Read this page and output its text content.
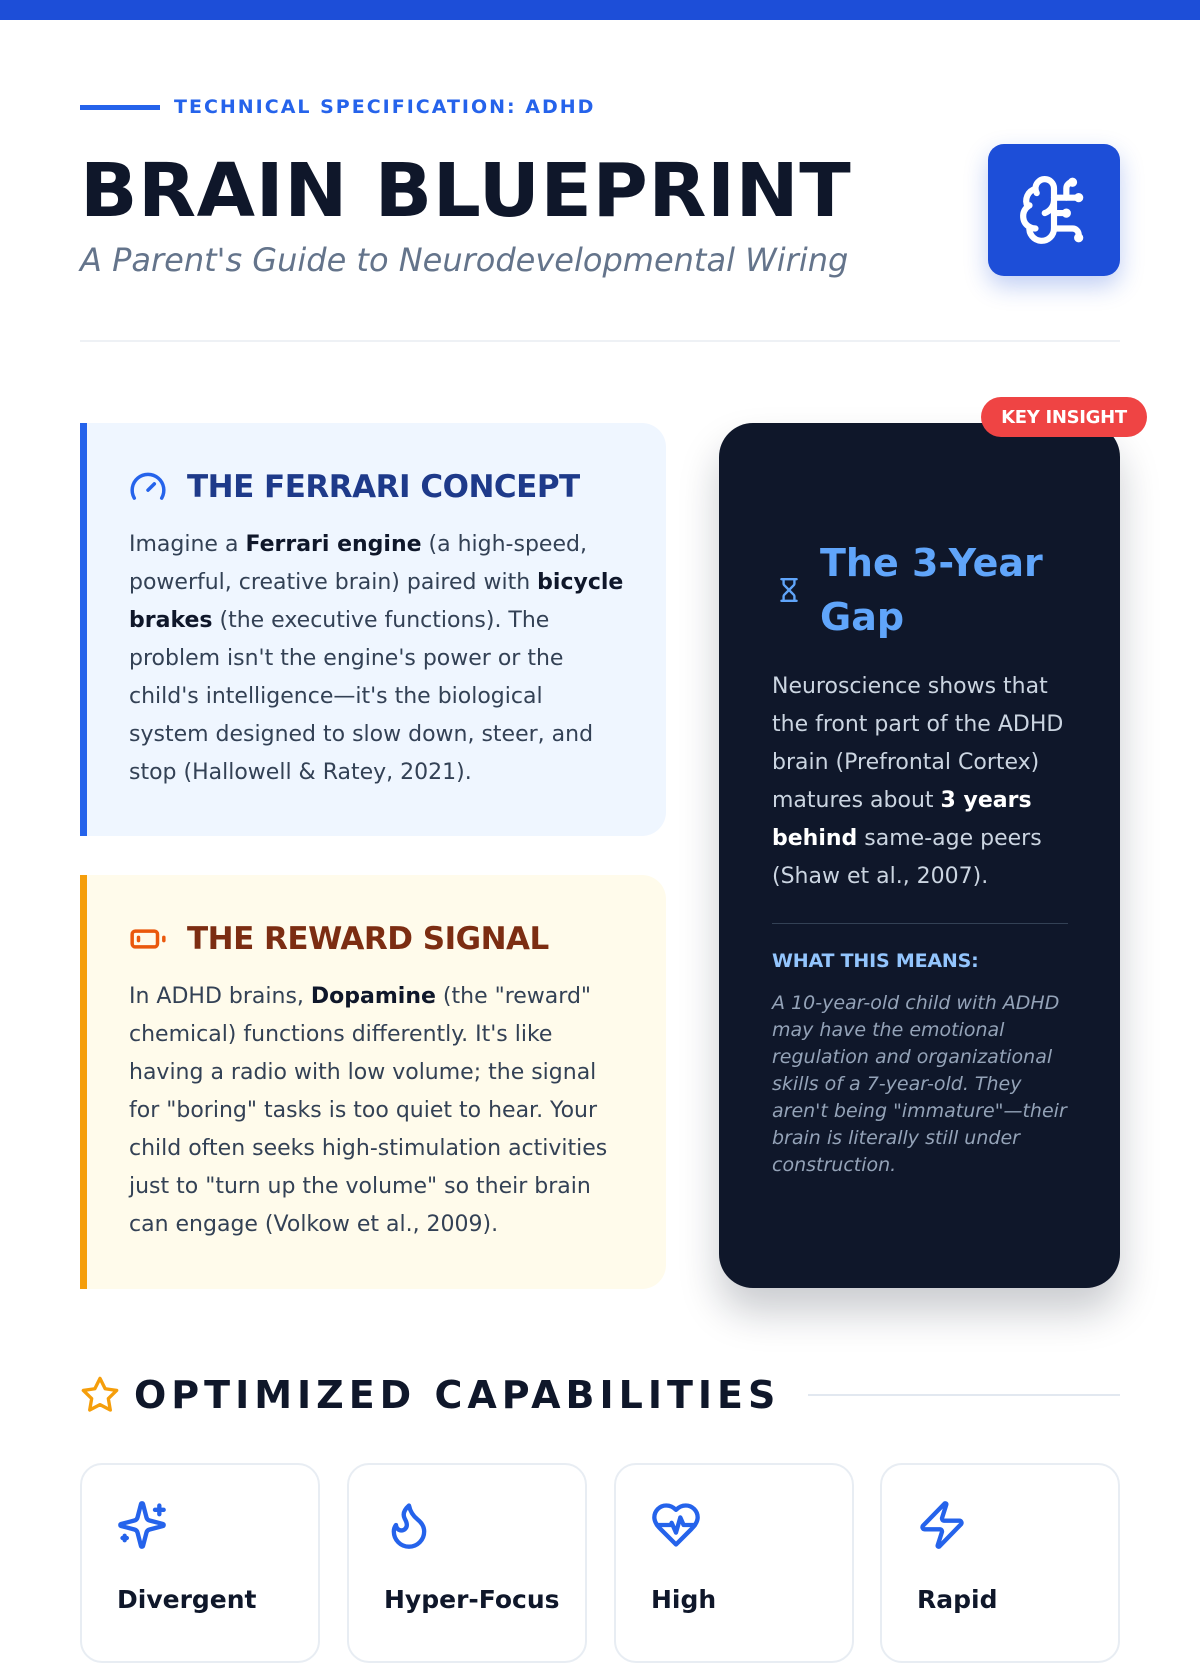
TECHNICAL SPECIFICATION: ADHD
BRAIN BLUEPRINT

A Parent's Guide to Neurodevelopmental Wiring

THE FERRARI CONCEPT

Imagine a Ferrari engine (a high-speed, powerful, creative brain) paired with bicycle brakes (the executive functions). The problem isn't the engine's power or the child's intelligence—it's the biological system designed to slow down, steer, and stop (Hallowell & Ratey, 2021).

THE REWARD SIGNAL

In ADHD brains, Dopamine (the "reward" chemical) functions differently. It's like having a radio with low volume; the signal for "boring" tasks is too quiet to hear. Your child often seeks high-stimulation activities just to "turn up the volume" so their brain can engage (Volkow et al., 2009).

The 3-Year Gap

Neuroscience shows that the front part of the ADHD brain (Prefrontal Cortex) matures about 3 years behind same-age peers (Shaw et al., 2007).

WHAT THIS MEANS:

A 10-year-old child with ADHD may have the emotional regulation and organizational skills of a 7-year-old. They aren't being "immature"—their brain is literally still under construction.

KEY INSIGHT
OPTIMIZED CAPABILITIES
Divergent	Hyper-Focus	High	Rapid
